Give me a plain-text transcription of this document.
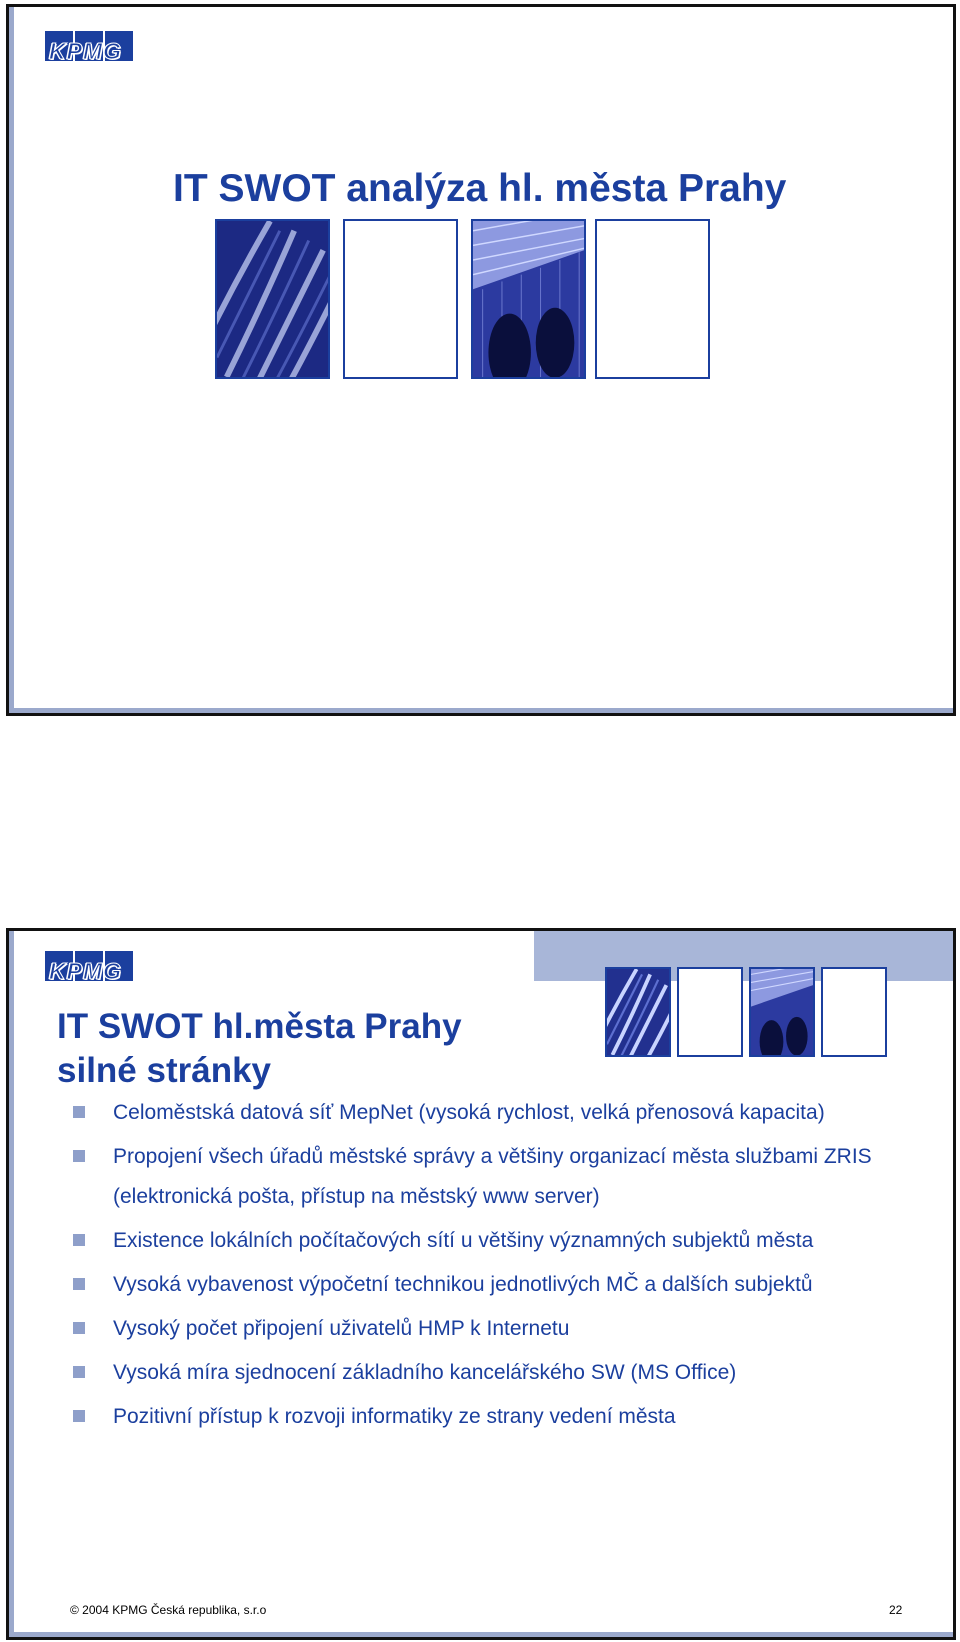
KPMG
IT SWOT analýza hl. města Prahy
KPMG
IT SWOT hl.města Prahy
silné stránky
Celoměstská datová síť MepNet (vysoká rychlost, velká přenosová kapacita)
Propojení všech úřadů městské správy a většiny organizací města službami ZRIS (elektronická pošta, přístup na městský www server)
Existence lokálních počítačových sítí u většiny významných subjektů města
Vysoká vybavenost výpočetní technikou jednotlivých MČ a dalších subjektů
Vysoký počet připojení uživatelů HMP k Internetu
Vysoká míra sjednocení základního kancelářského SW (MS Office)
Pozitivní přístup k rozvoji informatiky ze strany vedení města
© 2004 KPMG Česká republika, s.r.o	22
